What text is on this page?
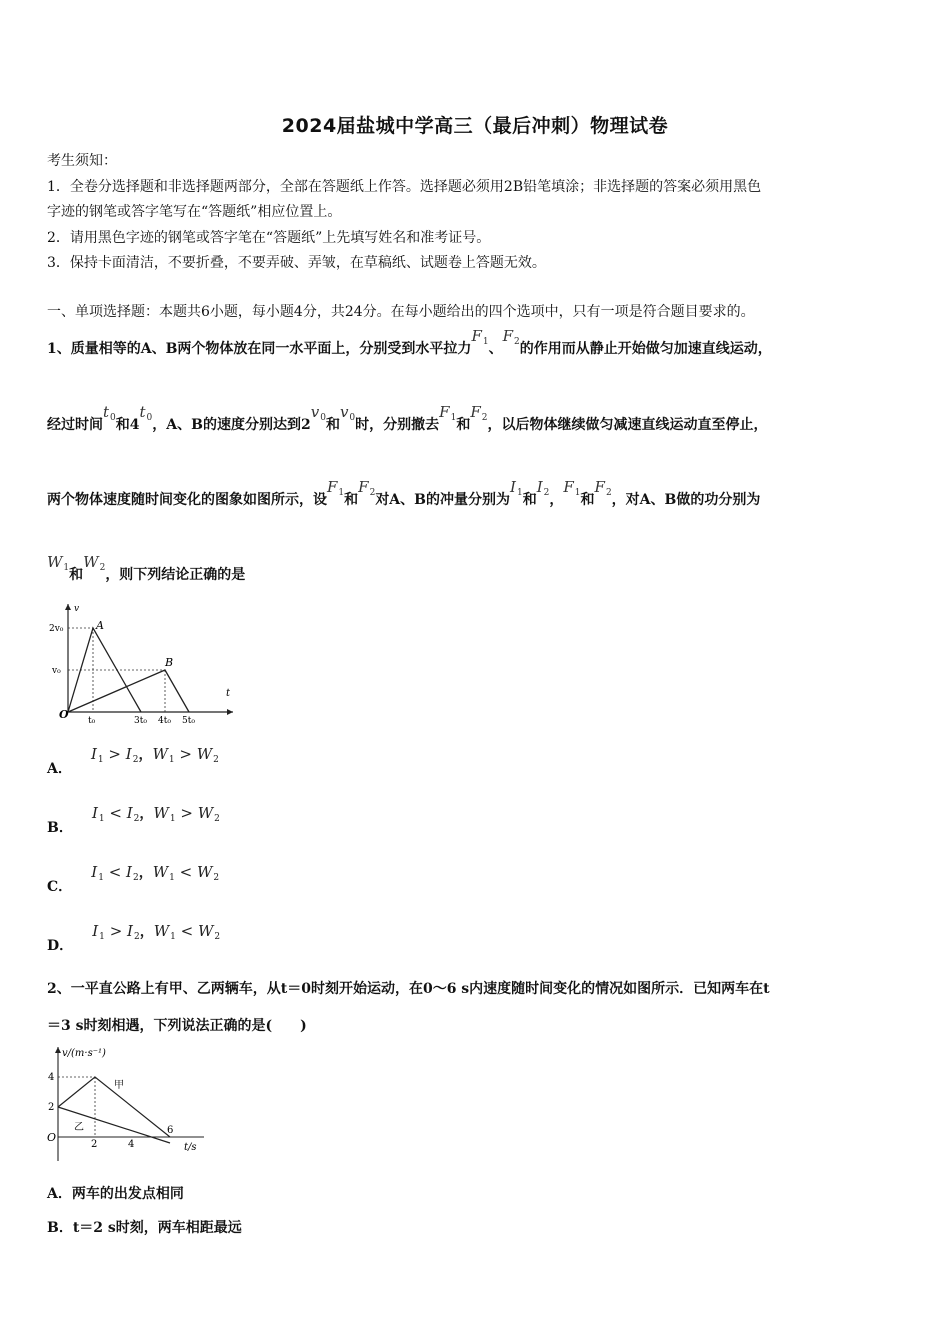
2024届盐城中学高三（最后冲刺）物理试卷
考生须知：
1．全卷分选择题和非选择题两部分，全部在答题纸上作答。选择题必须用2B铅笔填涂；非选择题的答案必须用黑色
字迹的钢笔或答字笔写在“答题纸”相应位置上。
2．请用黑色字迹的钢笔或答字笔在“答题纸”上先填写姓名和准考证号。
3．保持卡面清洁，不要折叠，不要弄破、弄皱，在草稿纸、试题卷上答题无效。
一、单项选择题：本题共6小题，每小题4分，共24分。在每小题给出的四个选项中，只有一项是符合题目要求的。
1、质量相等的A、B两个物体放在同一水平面上，分别受到水平拉力$F_1$、$F_2$的作用而从静止开始做匀加速直线运动，
经过时间$t_0$和$4t_0$，A、B的速度分别达到$2v_0$和$v_0$时，分别撤去$F_1$和$F_2$，以后物体继续做匀减速直线运动直至停止，
两个物体速度随时间变化的图象如图所示，设$F_1$和$F_2$对A、B的冲量分别为$I_1$和$I_2$，$F_1$和$F_2$，对A、B做的功分别为
$W_1$和$W_2$，则下列结论正确的是
v
t
O
2v₀
v₀
t₀	3t₀ 4t₀ 5t₀
A
B
A． $I_1 > I_2$，$W_1 > W_2$
B． $I_1 < I_2$，$W_1 > W_2$
C． $I_1 < I_2$，$W_1 < W_2$
D． $I_1 > I_2$，$W_1 < W_2$
2、一平直公路上有甲、乙两辆车，从t＝0时刻开始运动，在0～6 s内速度随时间变化的情况如图所示．已知两车在t
＝3 s时刻相遇，下列说法正确的是(　　)
v/(m·s⁻¹)
4
2
O
2	4
6
t/s
甲
乙
A．两车的出发点相同
B．t＝2 s时刻，两车相距最远
